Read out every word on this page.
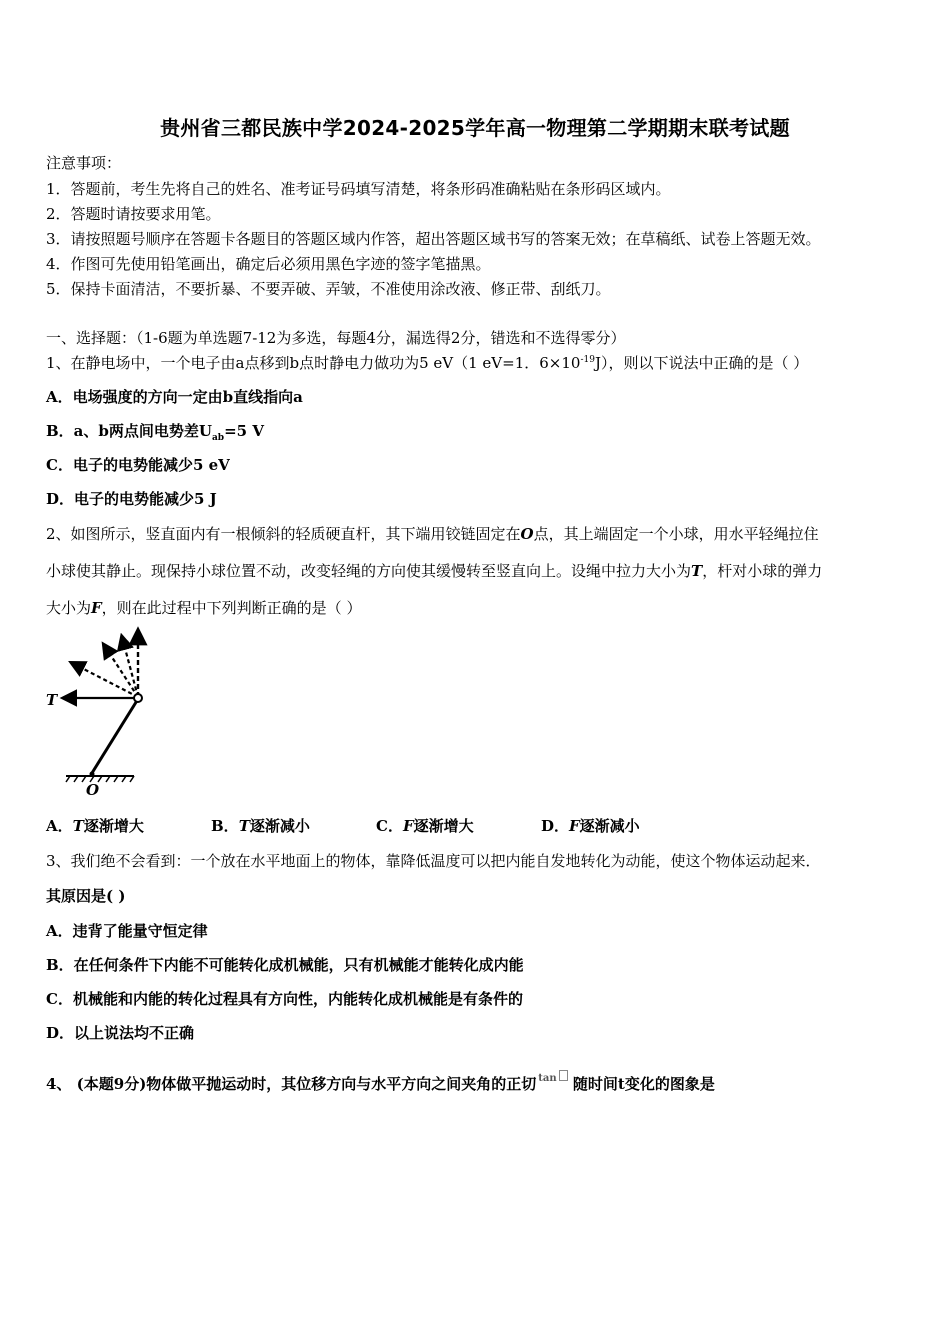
贵州省三都民族中学2024-2025学年高一物理第二学期期末联考试题
注意事项：
1．答题前，考生先将自己的姓名、准考证号码填写清楚，将条形码准确粘贴在条形码区域内。
2．答题时请按要求用笔。
3．请按照题号顺序在答题卡各题目的答题区域内作答，超出答题区域书写的答案无效；在草稿纸、试卷上答题无效。
4．作图可先使用铅笔画出，确定后必须用黑色字迹的签字笔描黑。
5．保持卡面清洁，不要折暴、不要弄破、弄皱，不准使用涂改液、修正带、刮纸刀。
一、选择题：（1-6题为单选题7-12为多选，每题4分，漏选得2分，错选和不选得零分）
1、在静电场中，一个电子由a点移到b点时静电力做功为5 eV（1 eV=1．$6\times 10^{-19}J$），则以下说法中正确的是（ ）
A．电场强度的方向一定由b直线指向a
B．a、b两点间电势差$U_{ab}=5$ V
C．电子的电势能减少5 eV
D．电子的电势能减少5 J
2、如图所示，竖直面内有一根倾斜的轻质硬直杆，其下端用铰链固定在O点，其上端固定一个小球，用水平轻绳拉住
小球使其静止。现保持小球位置不动，改变轻绳的方向使其缓慢转至竖直向上。设绳中拉力大小为T，杆对小球的弹力
大小为F，则在此过程中下列判断正确的是（ ）
T
O
A．T逐渐增大	B．T逐渐减小	C．F逐渐增大	D．F逐渐减小
3、我们绝不会看到：一个放在水平地面上的物体，靠降低温度可以把内能自发地转化为动能，使这个物体运动起来．
其原因是( )
A．违背了能量守恒定律
B．在任何条件下内能不可能转化成机械能，只有机械能才能转化成内能
C．机械能和内能的转化过程具有方向性，内能转化成机械能是有条件的
D．以上说法均不正确
4、 (本题9分)物体做平抛运动时，其位移方向与水平方向之间夹角的正切 tan 随时间t变化的图象是
